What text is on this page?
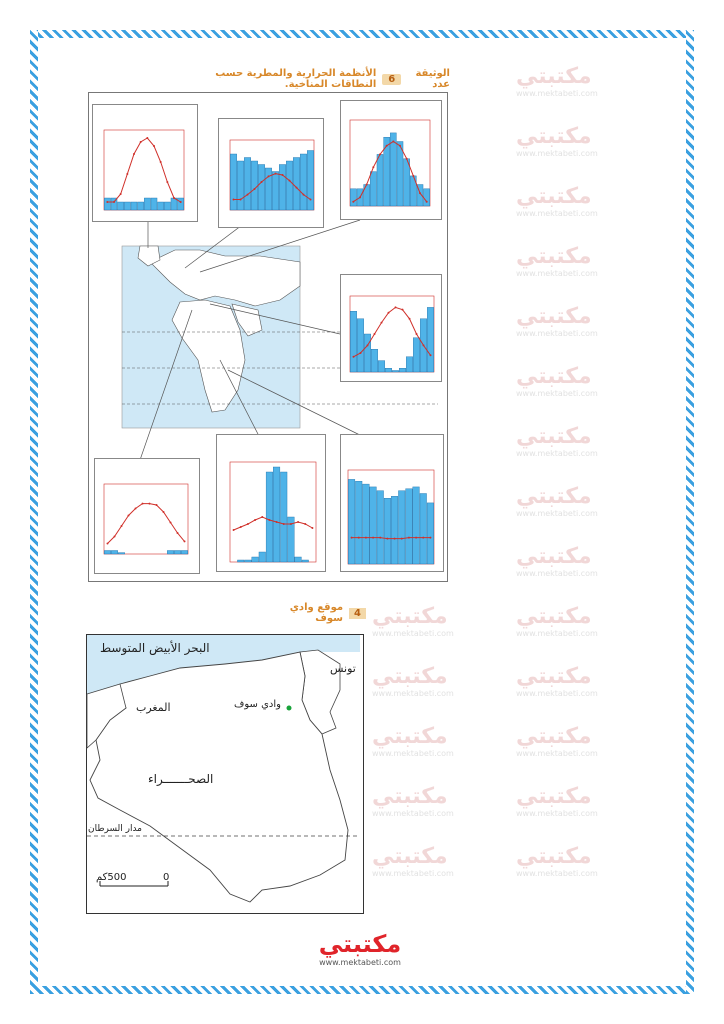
مكتبتي
www.mektabeti.com
مكتبتي
www.mektabeti.com
مكتبتي
www.mektabeti.com
مكتبتي
www.mektabeti.com
مكتبتي
www.mektabeti.com
مكتبتي
www.mektabeti.com
مكتبتي
www.mektabeti.com
مكتبتي
www.mektabeti.com
مكتبتي
www.mektabeti.com
مكتبتي
www.mektabeti.com
مكتبتي
www.mektabeti.com
مكتبتي
www.mektabeti.com
مكتبتي
www.mektabeti.com
مكتبتي
www.mektabeti.com
مكتبتي
www.mektabeti.com
مكتبتي
www.mektabeti.com
مكتبتي
www.mektabeti.com
مكتبتي
www.mektabeti.com
مكتبتي
www.mektabeti.com
الوثيقة عدد
6
الأنظمة الحرارية والمطرية حسب النطاقات المناخية.
4
موقع وادي سوف
البحر الأبيض المتوسط
تونس
المغرب	وادي سوف
الصحـــــــراء
مدار السرطان
0
500كم
مكتبتي
www.mektabeti.com
